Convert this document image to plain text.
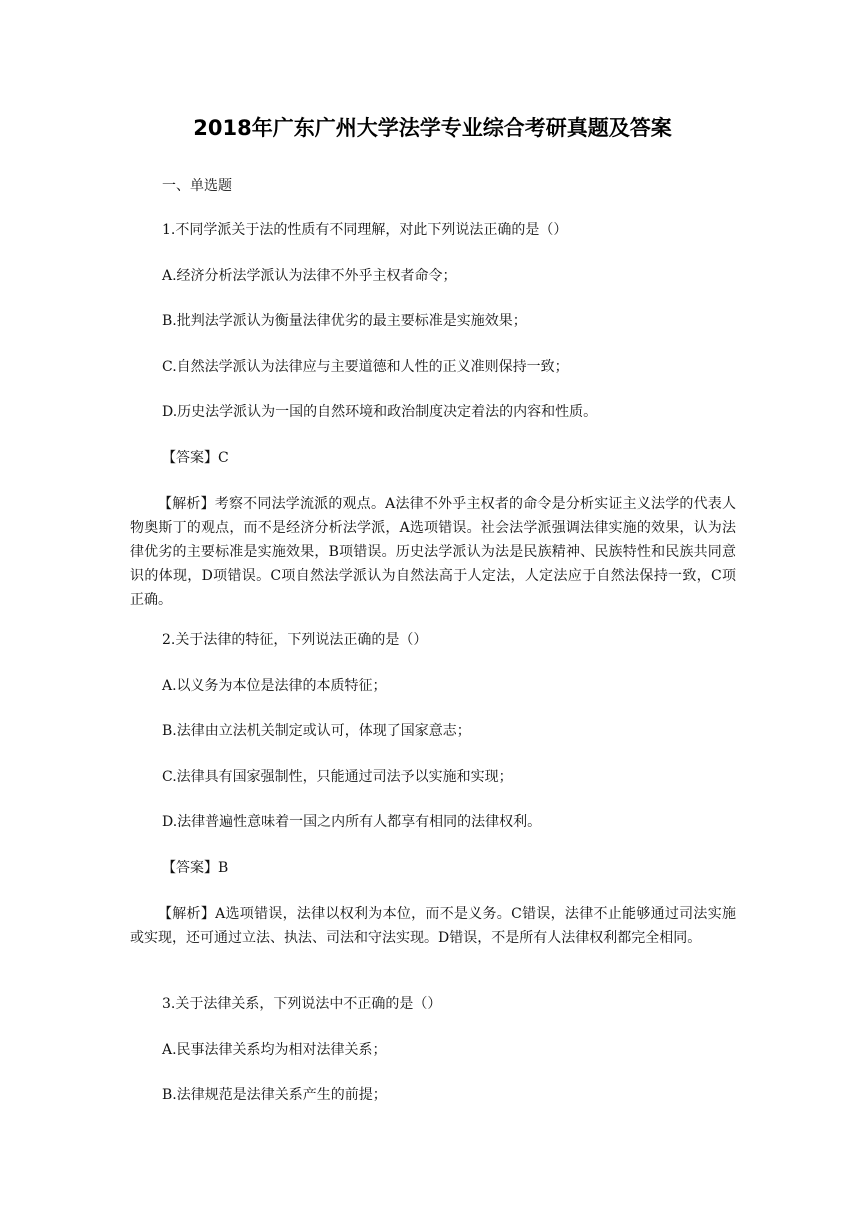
2018年广东广州大学法学专业综合考研真题及答案

一、单选题

1.不同学派关于法的性质有不同理解，对此下列说法正确的是（）

A.经济分析法学派认为法律不外乎主权者命令；

B.批判法学派认为衡量法律优劣的最主要标准是实施效果；

C.自然法学派认为法律应与主要道德和人性的正义准则保持一致；

D.历史法学派认为一国的自然环境和政治制度决定着法的内容和性质。

【答案】C

【解析】考察不同法学流派的观点。A法律不外乎主权者的命令是分析实证主义法学的代表人物奥斯丁的观点，而不是经济分析法学派，A选项错误。社会法学派强调法律实施的效果，认为法律优劣的主要标准是实施效果，B项错误。历史法学派认为法是民族精神、民族特性和民族共同意识的体现，D项错误。C项自然法学派认为自然法高于人定法，人定法应于自然法保持一致，C项正确。

2.关于法律的特征，下列说法正确的是（）

A.以义务为本位是法律的本质特征；

B.法律由立法机关制定或认可，体现了国家意志；

C.法律具有国家强制性，只能通过司法予以实施和实现；

D.法律普遍性意味着一国之内所有人都享有相同的法律权利。

【答案】B

【解析】A选项错误，法律以权利为本位，而不是义务。C错误，法律不止能够通过司法实施或实现，还可通过立法、执法、司法和守法实现。D错误，不是所有人法律权利都完全相同。

3.关于法律关系，下列说法中不正确的是（）

A.民事法律关系均为相对法律关系；

B.法律规范是法律关系产生的前提；
